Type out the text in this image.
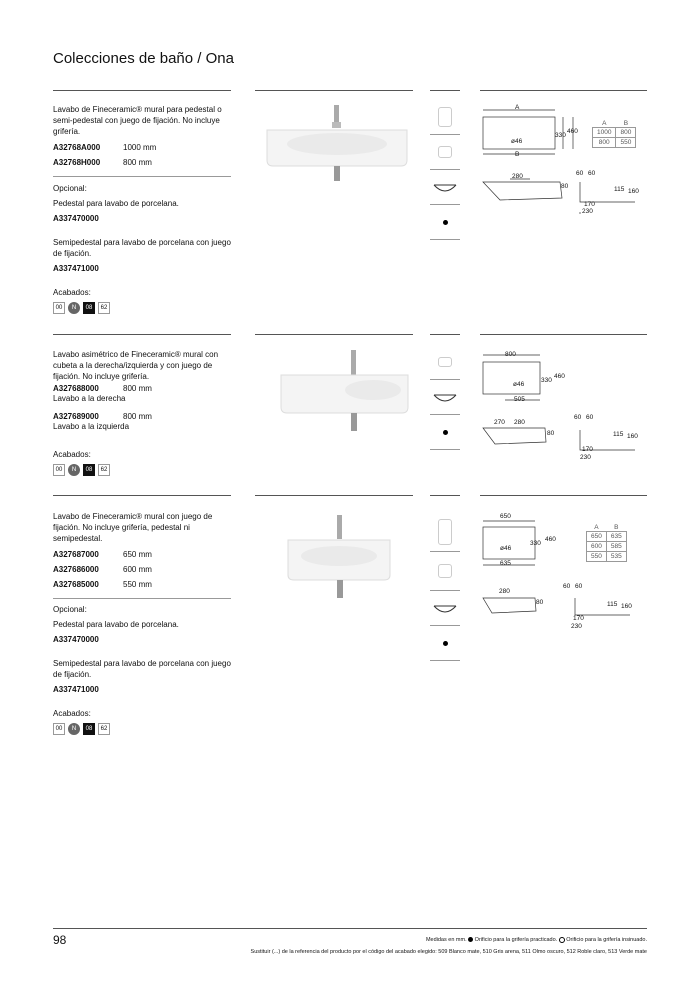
Colecciones de baño / Ona
Lavabo de Fineceramic® mural para pedestal o semi-pedestal con juego de fijación. No incluye grifería.
A32768A000	1000 mm
A32768H000	800 mm
Opcional:
Pedestal para lavabo de porcelana.
A337470000
Semipedestal para lavabo de porcelana con juego de fijación.
A337471000
Acabados:
00	N	08	62
A
B
ø46
330
460
280
80
60 60
115 160
170
230
A	B
1000	800
800	550
Lavabo asimétrico de Fineceramic® mural con cubeta a la derecha/izquierda y con juego de fijación. No incluye grifería.
A327688000	800 mm
Lavabo a la derecha
A327689000	800 mm
Lavabo a la izquierda
Acabados:
00	N	08	62
800
ø46
330
460
505
270 280
80
60 60
115 160
170
230
Lavabo de Fineceramic® mural con juego de fijación. No incluye grifería, pedestal ni semipedestal.
A327687000	650 mm
A327686000	600 mm
A327685000	550 mm
Opcional:
Pedestal para lavabo de porcelana.
A337470000
Semipedestal para lavabo de porcelana con juego de fijación.
A337471000
Acabados:
00	N	08	62
650
ø46
330
460
635
280
80
60 60
115 160
170
230
A	B
650	635
600	585
550	535
98	Medidas en mm. Orificio para la grifería practicado. Orificio para la grifería insinuado.
Sustituir (...) de la referencia del producto por el código del acabado elegido: 509 Blanco mate, 510 Gris arena, 511 Olmo oscuro, 512 Roble claro, 513 Verde mate
